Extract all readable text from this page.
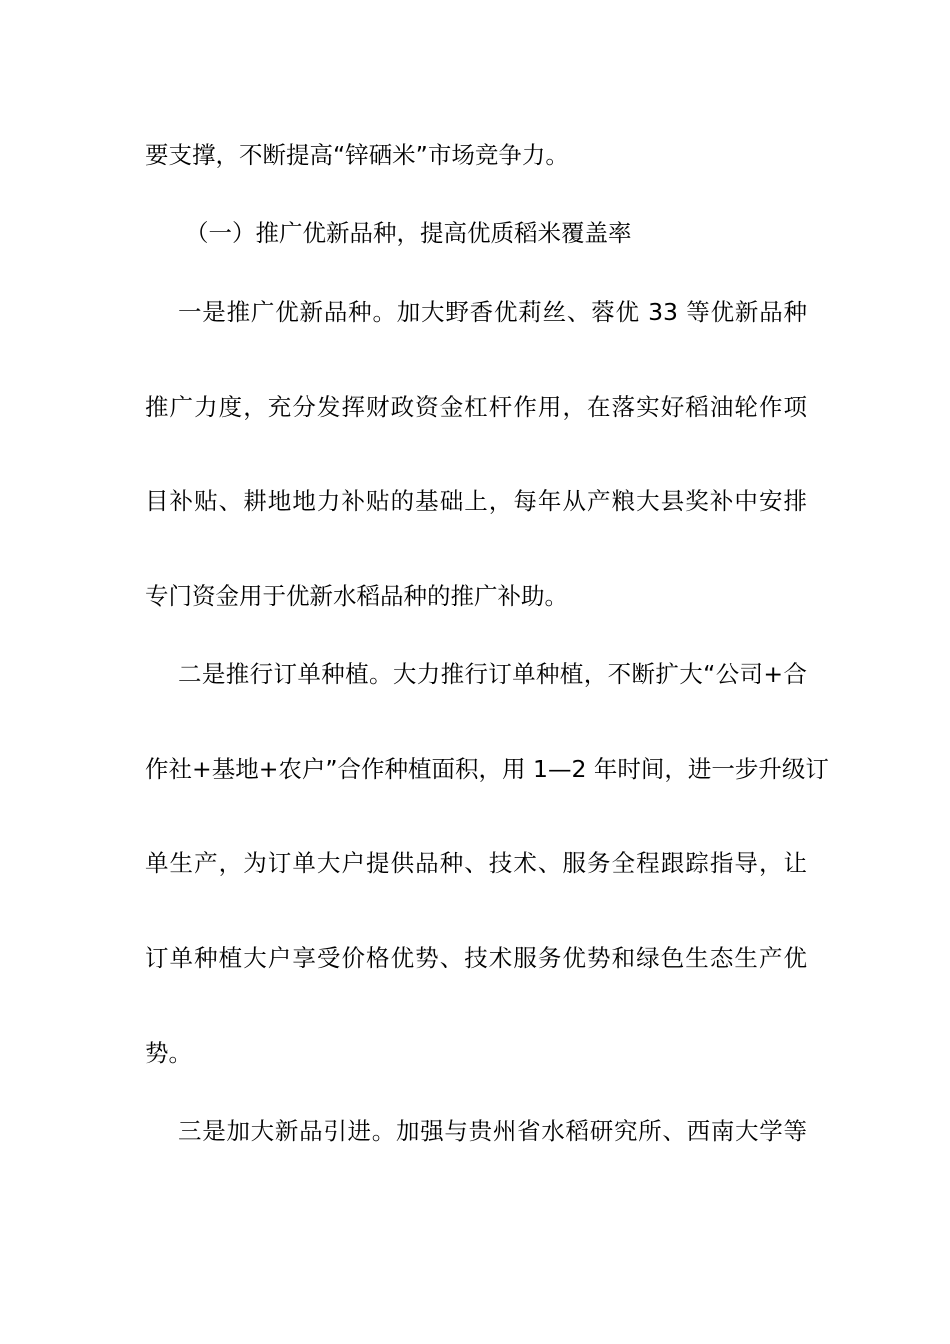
要支撑，不断提高“锌硒米”市场竞争力。
（一）推广优新品种，提高优质稻米覆盖率
一是推广优新品种。加大野香优莉丝、蓉优 33 等优新品种
推广力度，充分发挥财政资金杠杆作用，在落实好稻油轮作项
目补贴、耕地地力补贴的基础上，每年从产粮大县奖补中安排
专门资金用于优新水稻品种的推广补助。
二是推行订单种植。大力推行订单种植，不断扩大“公司+合
作社+基地+农户”合作种植面积，用 1—2 年时间，进一步升级订
单生产，为订单大户提供品种、技术、服务全程跟踪指导，让
订单种植大户享受价格优势、技术服务优势和绿色生态生产优
势。
三是加大新品引进。加强与贵州省水稻研究所、西南大学等
